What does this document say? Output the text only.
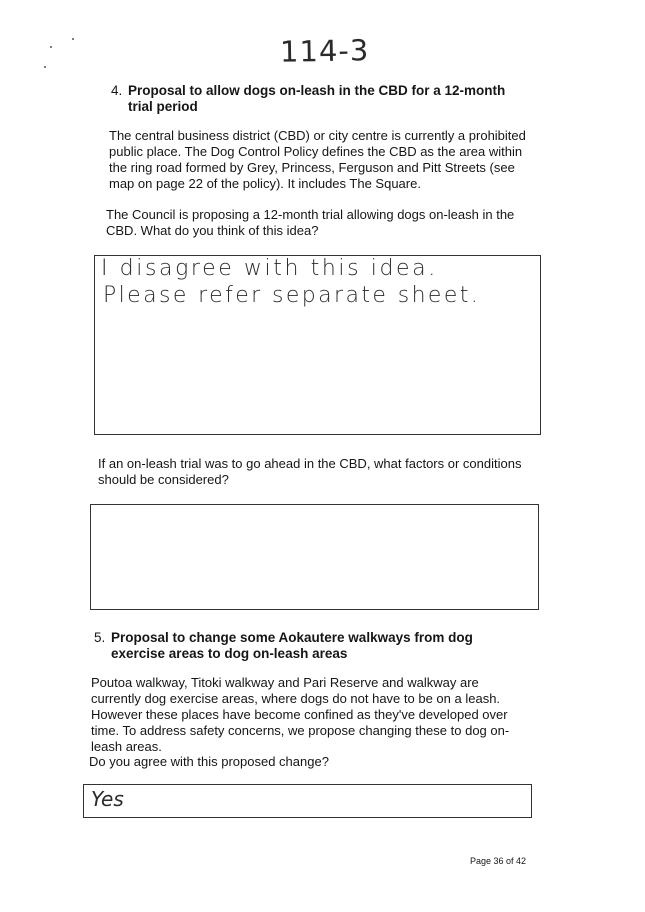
114-3
4. Proposal to allow dogs on-leash in the CBD for a 12-month trial period
The central business district (CBD) or city centre is currently a prohibited public place. The Dog Control Policy defines the CBD as the area within the ring road formed by Grey, Princess, Ferguson and Pitt Streets (see map on page 22 of the policy). It includes The Square.
The Council is proposing a 12-month trial allowing dogs on-leash in the CBD. What do you think of this idea?
I disagree with this idea.
Please refer separate sheet.
If an on-leash trial was to go ahead in the CBD, what factors or conditions should be considered?
5. Proposal to change some Aokautere walkways from dog exercise areas to dog on-leash areas
Poutoa walkway, Titoki walkway and Pari Reserve and walkway are currently dog exercise areas, where dogs do not have to be on a leash. However these places have become confined as they've developed over time. To address safety concerns, we propose changing these to dog on-leash areas.
Do you agree with this proposed change?
Yes
Page 36 of 42
